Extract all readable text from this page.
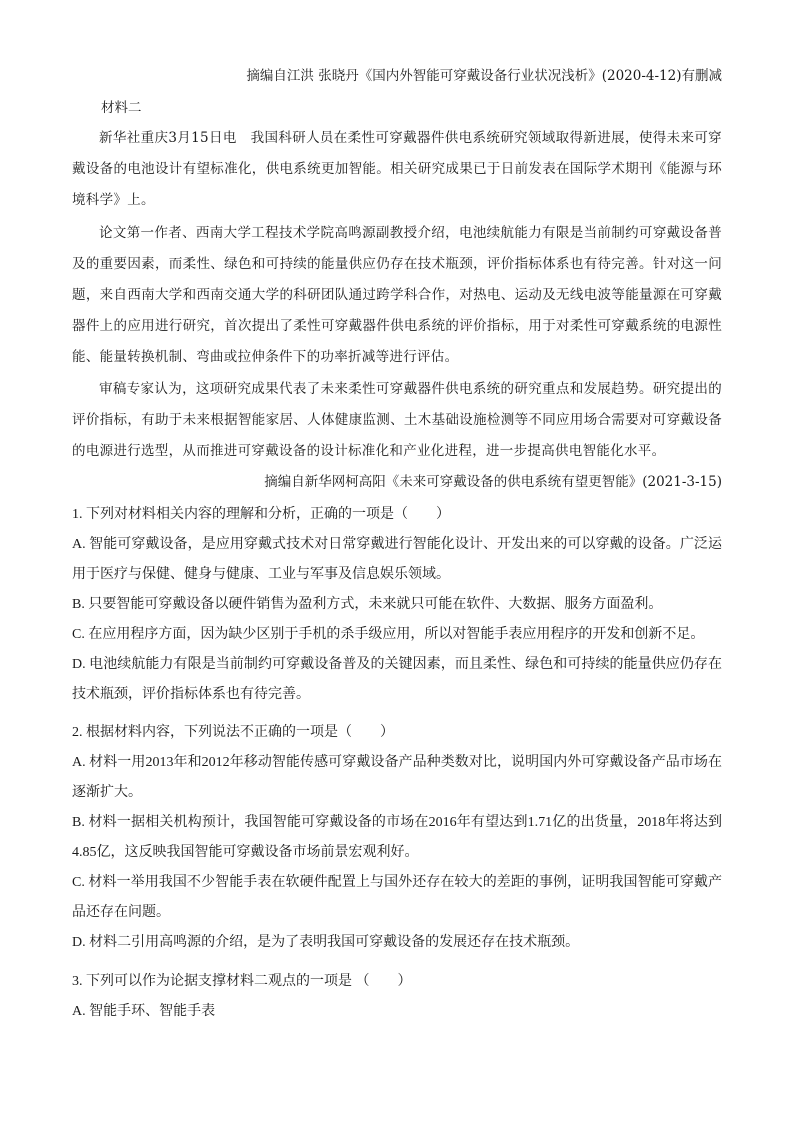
摘编自江洪 张晓丹《国内外智能可穿戴设备行业状况浅析》(2020-4-12)有删减
材料二
新华社重庆3月15日电　我国科研人员在柔性可穿戴器件供电系统研究领域取得新进展，使得未来可穿戴设备的电池设计有望标准化，供电系统更加智能。相关研究成果已于日前发表在国际学术期刊《能源与环境科学》上。
论文第一作者、西南大学工程技术学院高鸣源副教授介绍，电池续航能力有限是当前制约可穿戴设备普及的重要因素，而柔性、绿色和可持续的能量供应仍存在技术瓶颈，评价指标体系也有待完善。针对这一问题，来自西南大学和西南交通大学的科研团队通过跨学科合作，对热电、运动及无线电波等能量源在可穿戴器件上的应用进行研究，首次提出了柔性可穿戴器件供电系统的评价指标，用于对柔性可穿戴系统的电源性能、能量转换机制、弯曲或拉伸条件下的功率折减等进行评估。
审稿专家认为，这项研究成果代表了未来柔性可穿戴器件供电系统的研究重点和发展趋势。研究提出的评价指标，有助于未来根据智能家居、人体健康监测、土木基础设施检测等不同应用场合需要对可穿戴设备的电源进行选型，从而推进可穿戴设备的设计标准化和产业化进程，进一步提高供电智能化水平。
摘编自新华网柯高阳《未来可穿戴设备的供电系统有望更智能》(2021-3-15)
1. 下列对材料相关内容的理解和分析，正确的一项是（　　）
A. 智能可穿戴设备，是应用穿戴式技术对日常穿戴进行智能化设计、开发出来的可以穿戴的设备。广泛运用于医疗与保健、健身与健康、工业与军事及信息娱乐领域。
B. 只要智能可穿戴设备以硬件销售为盈利方式，未来就只可能在软件、大数据、服务方面盈利。
C. 在应用程序方面，因为缺少区别于手机的杀手级应用，所以对智能手表应用程序的开发和创新不足。
D. 电池续航能力有限是当前制约可穿戴设备普及的关键因素，而且柔性、绿色和可持续的能量供应仍存在技术瓶颈，评价指标体系也有待完善。
2. 根据材料内容，下列说法不正确的一项是（　　）
A. 材料一用2013年和2012年移动智能传感可穿戴设备产品种类数对比，说明国内外可穿戴设备产品市场在逐渐扩大。
B. 材料一据相关机构预计，我国智能可穿戴设备的市场在2016年有望达到1.71亿的出货量，2018年将达到4.85亿，这反映我国智能可穿戴设备市场前景宏观利好。
C. 材料一举用我国不少智能手表在软硬件配置上与国外还存在较大的差距的事例，证明我国智能可穿戴产品还存在问题。
D. 材料二引用高鸣源的介绍，是为了表明我国可穿戴设备的发展还存在技术瓶颈。
3. 下列可以作为论据支撑材料二观点的一项是 （　　）
A. 智能手环、智能手表
